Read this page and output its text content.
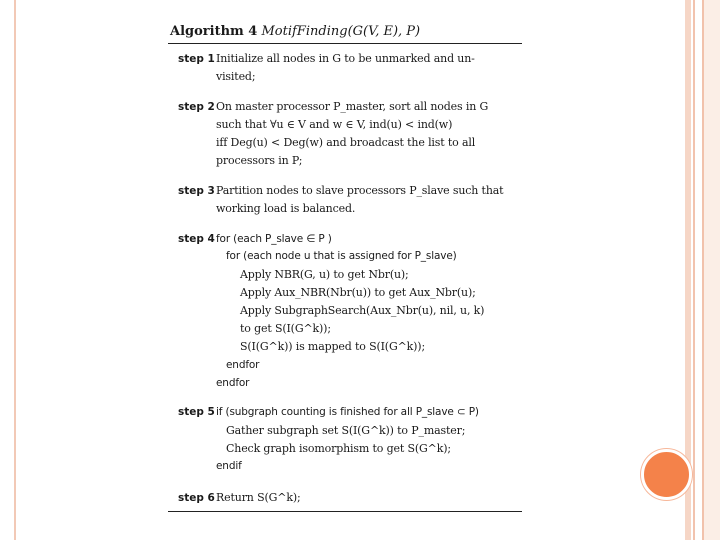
Algorithm 4 MotifFinding(G(V, E), P)
step 1 Initialize all nodes in G to be unmarked and un-
visited;
step 2 On master processor P_master, sort all nodes in G
such that ∀u ∈ V and w ∈ V, ind(u) < ind(w)
iff Deg(u) < Deg(w) and broadcast the list to all
processors in P;
step 3 Partition nodes to slave processors P_slave such that
working load is balanced.
step 4 for (each P_slave ∈ P )
for (each node u that is assigned for P_slave)
Apply NBR(G, u) to get Nbr(u);
Apply Aux_NBR(Nbr(u)) to get Aux_Nbr(u);
Apply SubgraphSearch(Aux_Nbr(u), nil, u, k)
to get S(I(G^k));
S(I(G^k)) is mapped to S(I(G^k));
endfor
endfor
step 5 if (subgraph counting is finished for all P_slave ⊂ P)
Gather subgraph set S(I(G^k)) to P_master;
Check graph isomorphism to get S(G^k);
endif
step 6 Return S(G^k);
